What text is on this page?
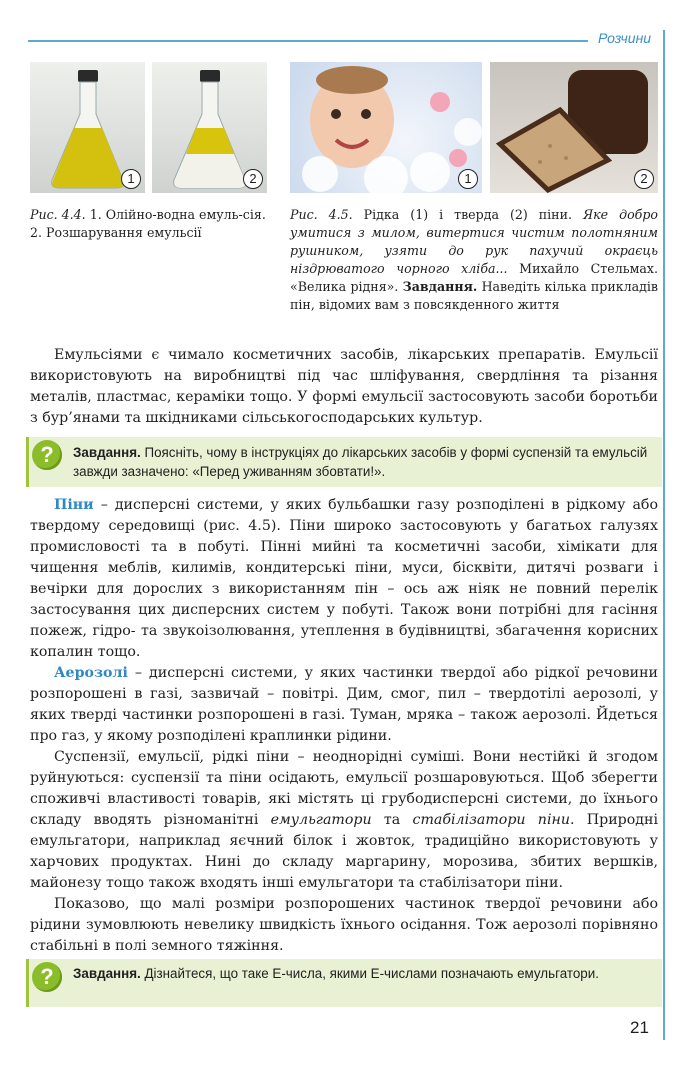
Розчини
1	2	1	2
Рис. 4.4. 1. Олійно-водна емуль-сія. 2. Розшарування емульсії
Рис. 4.5. Рідка (1) і тверда (2) піни. Яке добро умитися з милом, витертися чистим полотняним рушником, узяти до рук пахучий окраєць ніздрюватого чорного хліба... Михайло Стельмах. «Велика рідня». Завдання. Наведіть кілька прикладів пін, відомих вам з повсякденного життя

Емульсіями є чимало косметичних засобів, лікарських препаратів. Емульсії використовують на виробництві під час шліфування, свердління та різання металів, пластмас, кераміки тощо. У формі емульсії застосовують засоби боротьби з бур’янами та шкідниками сільськогосподарських культур.

?	Завдання. Поясніть, чому в інструкціях до лікарських засобів у формі суспензій та емульсій завжди зазначено: «Перед уживанням збовтати!».

Піни – дисперсні системи, у яких бульбашки газу розподілені в рідкому або твердому середовищі (рис. 4.5). Піни широко застосовують у багатьох галузях промисловості та в побуті. Пінні мийні та косметичні засоби, хімікати для чищення меблів, килимів, кондитерські піни, муси, бісквіти, дитячі розваги і вечірки для дорослих з використанням пін – ось аж ніяк не повний перелік застосування цих дисперсних систем у побуті. Також вони потрібні для гасіння пожеж, гідро- та звукоізолювання, утеплення в будівництві, збагачення корисних копалин тощо.

Аерозолі – дисперсні системи, у яких частинки твердої або рідкої речовини розпорошені в газі, зазвичай – повітрі. Дим, смог, пил – твердотілі аерозолі, у яких тверді частинки розпорошені в газі. Туман, мряка – також аерозолі. Йдеться про газ, у якому розподілені краплинки рідини.

Суспензії, емульсії, рідкі піни – неоднорідні суміші. Вони нестійкі й згодом руйнуються: суспензії та піни осідають, емульсії розшаровуються. Щоб зберегти споживчі властивості товарів, які містять ці грубодисперсні системи, до їхнього складу вводять різноманітні емульгатори та стабілізатори піни. Природні емульгатори, наприклад яєчний білок і жовток, традиційно використовують у харчових продуктах. Нині до складу маргарину, морозива, збитих вершків, майонезу тощо також входять інші емульгатори та стабілізатори піни.

Показово, що малі розміри розпорошених частинок твердої речовини або рідини зумовлюють невелику швидкість їхнього осідання. Тож аерозолі порівняно стабільні в полі земного тяжіння.

?	Завдання. Дізнайтеся, що таке Е-числа, якими Е-числами позначають емульгатори.
21
